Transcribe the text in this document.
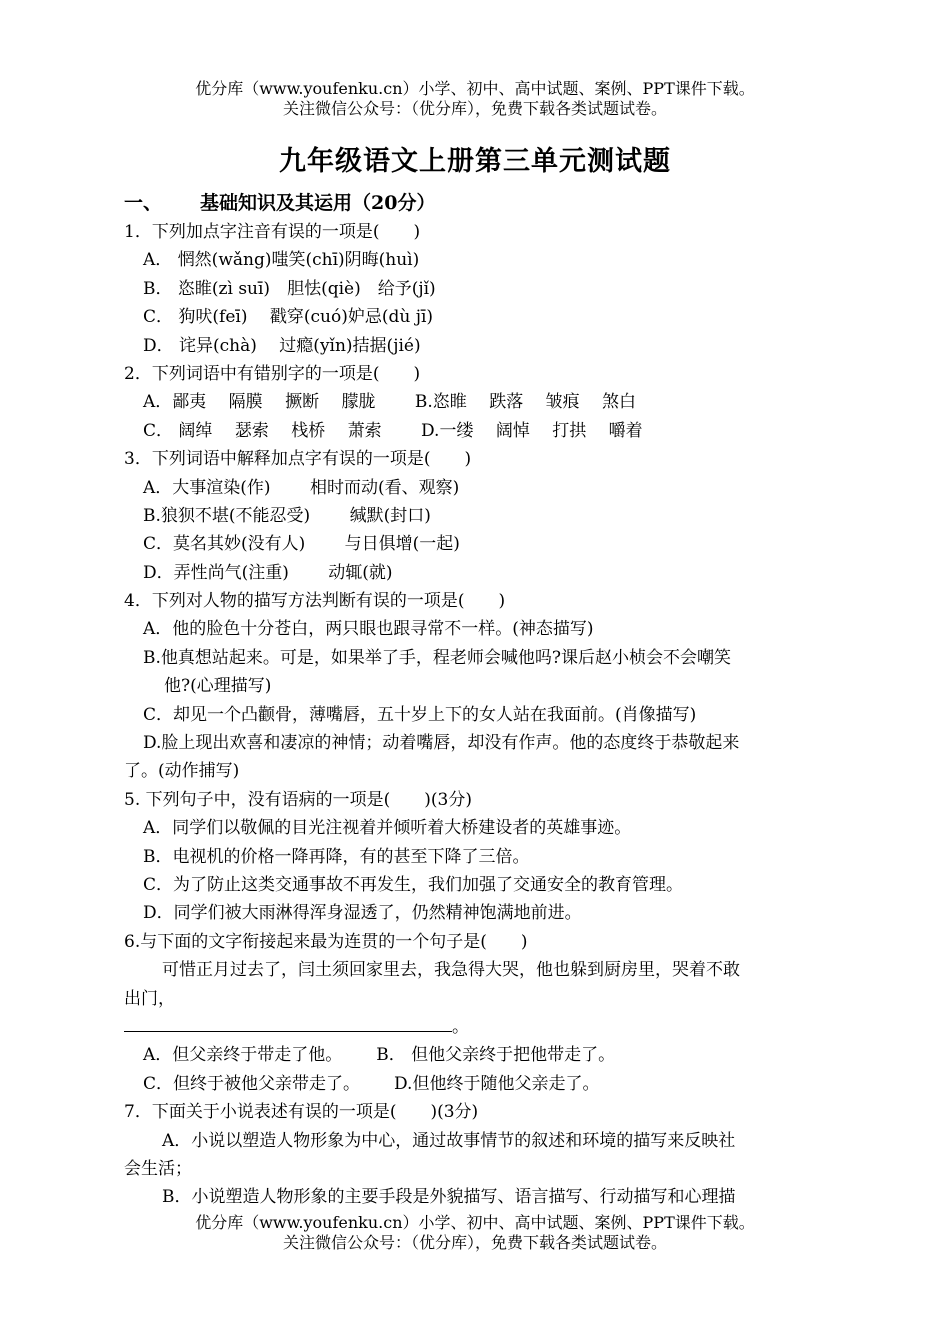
优分库（www.youfenku.cn）小学、初中、高中试题、案例、PPT课件下载。
关注微信公众号：（优分库），免费下载各类试题试卷。
九年级语文上册第三单元测试题
一、 基础知识及其运用（20分）
1．下列加点字注音有误的一项是(　　)
A． 惘然(wǎng)嗤笑(chī)阴晦(huì)
B． 恣睢(zì suī)　胆怯(qiè)　给予(jǐ)
C． 狗吠(feī)　 戳穿(cuó)妒忌(dù jī)
D． 诧异(chà)　 过瘾(yǐn)拮据(jié)
2．下列词语中有错别字的一项是(　　)
A．鄙夷　 隔膜　 撅断　 朦胧　　 B.恣睢　 跌落　 皱痕　 煞白
C． 阔绰　 瑟索　 栈桥　 萧索　　 D.一缕　 阔悼　 打拱　 嚼着
3．下列词语中解释加点字有误的一项是(　　)
A．大事渲染(作)　　 相时而动(看、观察)
B.狼狈不堪(不能忍受)　　 缄默(封口)
C．莫名其妙(没有人)　　 与日俱增(一起)
D．弄性尚气(注重)　　 动辄(就)
4．下列对人物的描写方法判断有误的一项是(　　)
A．他的脸色十分苍白，两只眼也跟寻常不一样。(神态描写)
B.他真想站起来。可是，如果举了手，程老师会喊他吗?课后赵小桢会不会嘲笑
他?(心理描写)
C．却见一个凸颧骨，薄嘴唇，五十岁上下的女人站在我面前。(肖像描写)
D.脸上现出欢喜和凄凉的神情；动着嘴唇，却没有作声。他的态度终于恭敬起来
了。(动作捕写)
5. 下列句子中，没有语病的一项是(　　)(3分)
A．同学们以敬佩的目光注视着并倾听着大桥建设者的英雄事迹。
B．电视机的价格一降再降，有的甚至下降了三倍。
C．为了防止这类交通事故不再发生，我们加强了交通安全的教育管理。
D．同学们被大雨淋得浑身湿透了，仍然精神饱满地前进。
6.与下面的文字衔接起来最为连贯的一个句子是(　　)
可惜正月过去了，闫土须回家里去，我急得大哭，他也躲到厨房里，哭着不敢
出门，
。
A．但父亲终于带走了他。 B． 但他父亲终于把他带走了。
C．但终于被他父亲带走了。 D.但他终于随他父亲走了。
7．下面关于小说表述有误的一项是(　　)(3分)
A．小说以塑造人物形象为中心，通过故事情节的叙述和环境的描写来反映社
会生活；
B．小说塑造人物形象的主要手段是外貌描写、语言描写、行动描写和心理描
优分库（www.youfenku.cn）小学、初中、高中试题、案例、PPT课件下载。
关注微信公众号：（优分库），免费下载各类试题试卷。
